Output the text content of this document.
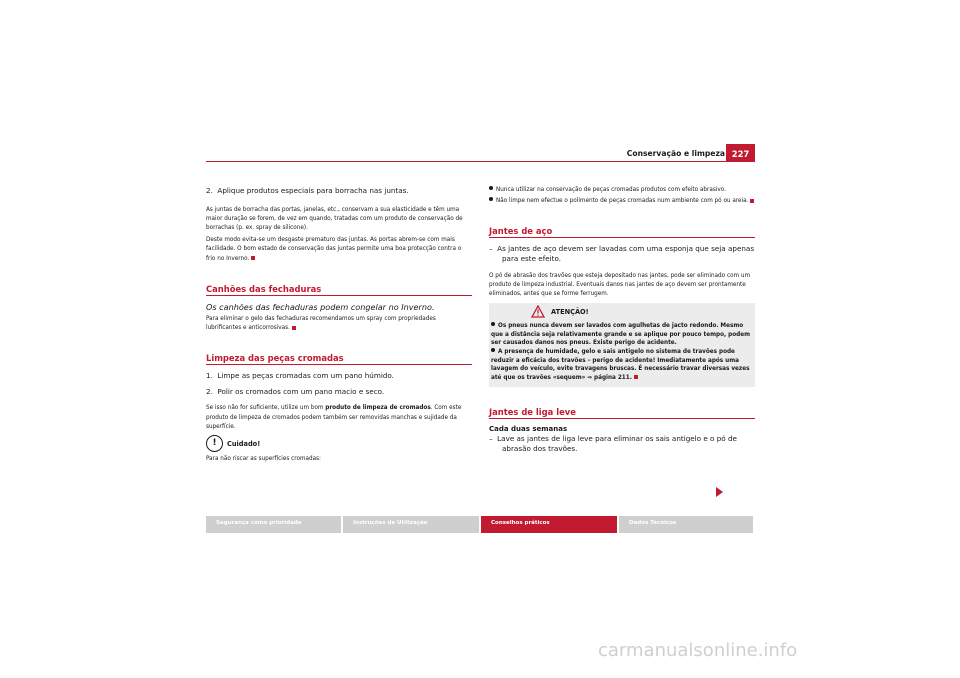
Conservação e limpeza 227

2.  Aplique produtos especiais para borracha nas juntas.

As juntas de borracha das portas, janelas, etc., conservam a sua elasticidade e têm uma maior duração se forem, de vez em quando, tratadas com um produto de conservação de borrachas (p. ex. spray de silicone).

Deste modo evita-se um desgaste prematuro das juntas. As portas abrem-se com mais facilidade. O bom estado de conservação das juntas permite uma boa protecção contra o frio no Inverno.

Canhões das fechaduras

Os canhões das fechaduras podem congelar no Inverno.

Para eliminar o gelo das fechaduras recomendamos um spray com propriedades lubrificantes e anticorrosivas.

Limpeza das peças cromadas

1.  Limpe as peças cromadas com um pano húmido.

2.  Polir os cromados com um pano macio e seco.

Se isso não for suficiente, utilize um bom produto de limpeza de cromados. Com este produto de limpeza de cromados podem também ser removidas manchas e sujidade da superfície.

!	Cuidado!

Para não riscar as superfícies cromadas:

Nunca utilizar na conservação de peças cromadas produtos com efeito abrasivo.

Não limpe nem efectue o polimento de peças cromadas num ambiente com pó ou areia.

Jantes de aço

–  As jantes de aço devem ser lavadas com uma esponja que seja apenas para este efeito.

O pó de abrasão dos travões que esteja depositado nas jantes, pode ser eliminado com um produto de limpeza industrial. Eventuais danos nas jantes de aço devem ser prontamente eliminados, antes que se forme ferrugem.

ATENÇÃO!

Os pneus nunca devem ser lavados com agulhetas de jacto redondo. Mesmo que a distância seja relativamente grande e se aplique por pouco tempo, podem ser causados danos nos pneus. Existe perigo de acidente.

A presença de humidade, gelo e sais antigelo no sistema de travões pode reduzir a eficácia dos travões – perigo de acidente! Imediatamente após uma lavagem do veículo, evite travagens bruscas. É necessário travar diversas vezes até que os travões «sequem» ⇒ página 211.

Jantes de liga leve

Cada duas semanas

–  Lave as jantes de liga leve para eliminar os sais antigelo e o pó de abrasão dos travões.

Segurança como prioridade	Instruções de Utilização	Conselhos práticos	Dados Técnicos
carmanualsonline.info
